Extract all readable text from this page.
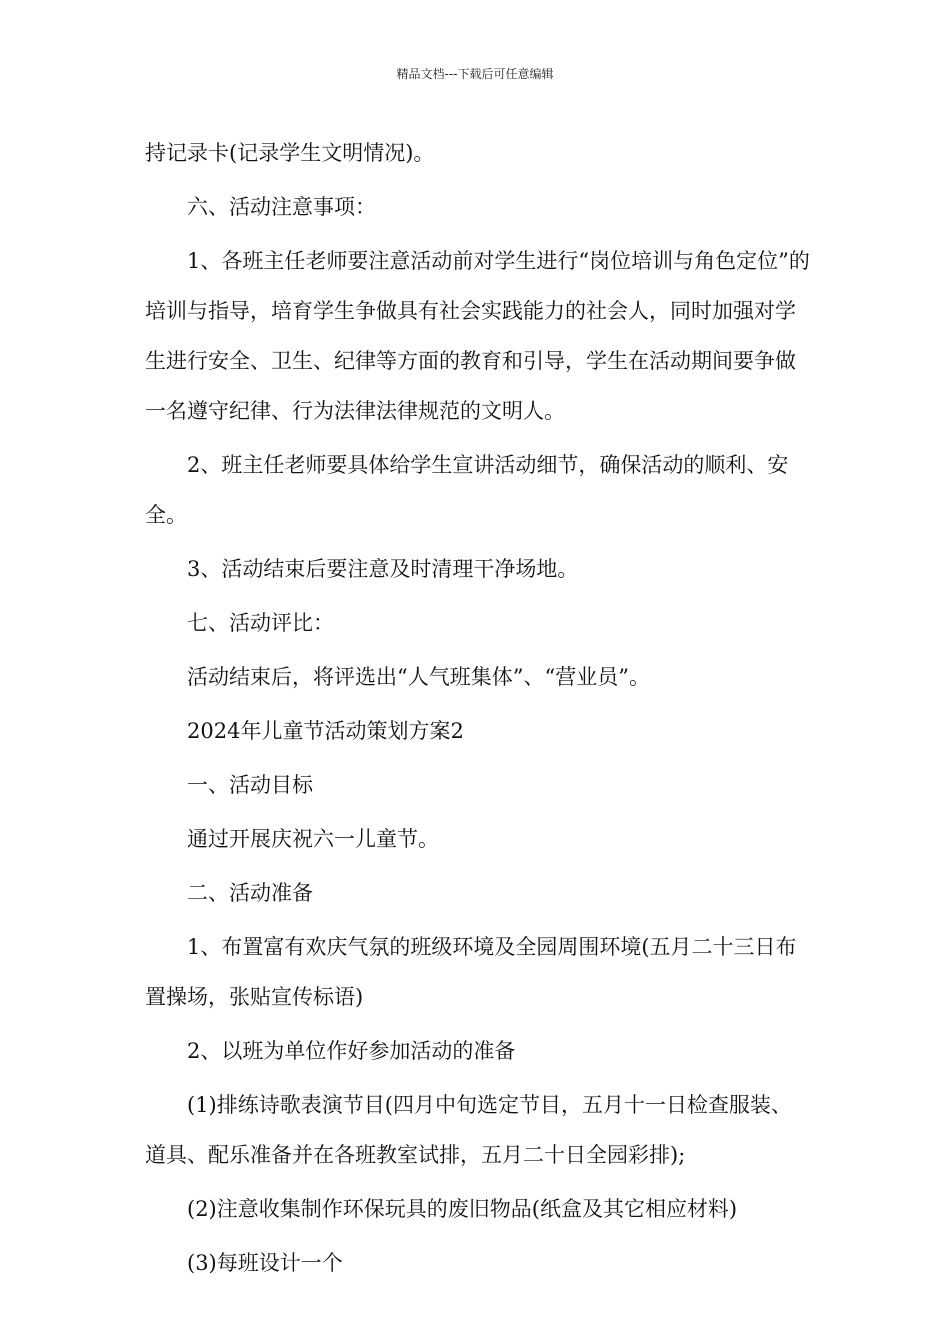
精品文档---下载后可任意编辑

持记录卡(记录学生文明情况)。

六、活动注意事项：

1、各班主任老师要注意活动前对学生进行“岗位培训与角色定位”的培训与指导，培育学生争做具有社会实践能力的社会人，同时加强对学生进行安全、卫生、纪律等方面的教育和引导，学生在活动期间要争做一名遵守纪律、行为法律法律规范的文明人。

2、班主任老师要具体给学生宣讲活动细节，确保活动的顺利、安全。

3、活动结束后要注意及时清理干净场地。

七、活动评比：

活动结束后，将评选出“人气班集体”、“营业员”。

2024年儿童节活动策划方案2

一、活动目标

通过开展庆祝六一儿童节。

二、活动准备

1、布置富有欢庆气氛的班级环境及全园周围环境(五月二十三日布置操场，张贴宣传标语)

2、以班为单位作好参加活动的准备

(1)排练诗歌表演节目(四月中旬选定节目，五月十一日检查服装、道具、配乐准备并在各班教室试排，五月二十日全园彩排);

(2)注意收集制作环保玩具的废旧物品(纸盒及其它相应材料)

(3)每班设计一个
